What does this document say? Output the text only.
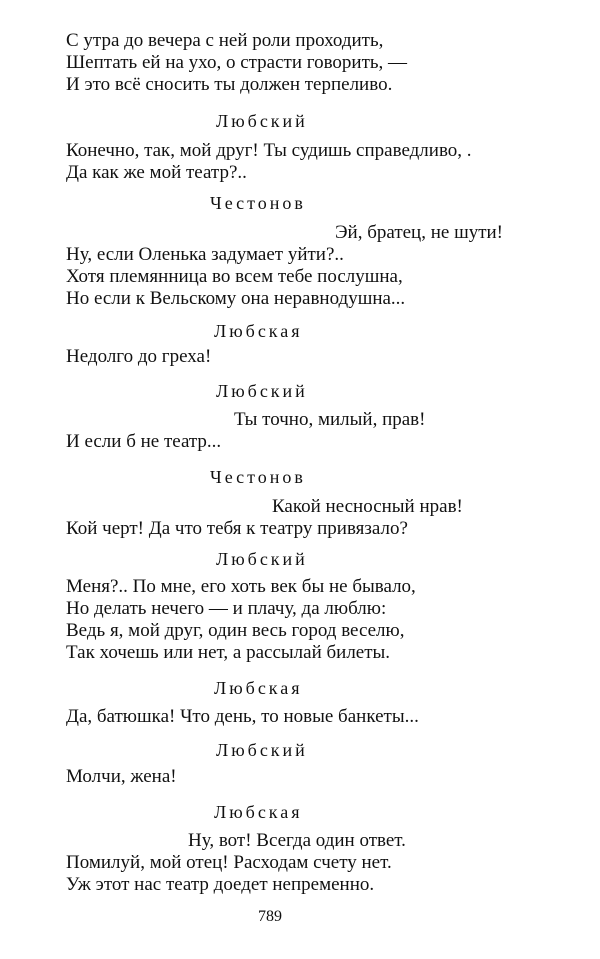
С утра до вечера с ней роли проходить,
Шептать ей на ухо, о страсти говорить, —
И это всё сносить ты должен терпеливо.
Любский
Конечно, так, мой друг! Ты судишь справедливо, .
Да как же мой театр?..
Честонов
Эй, братец, не шути!
Ну, если Оленька задумает уйти?..
Хотя племянница во всем тебе послушна,
Но если к Вельскому она неравнодушна...
Любская
Недолго до греха!
Любский
Ты точно, милый, прав!
И если б не театр...
Честонов
Какой несносный нрав!
Кой черт! Да что тебя к театру привязало?
Любский
Меня?.. По мне, его хоть век бы не бывало,
Но делать нечего — и плачу, да люблю:
Ведь я, мой друг, один весь город веселю,
Так хочешь или нет, а рассылай билеты.
Любская
Да, батюшка! Что день, то новые банкеты...
Любский
Молчи, жена!
Любская
Ну, вот! Всегда один ответ.
Помилуй, мой отец! Расходам счету нет.
Уж этот нас театр доедет непременно.
789
